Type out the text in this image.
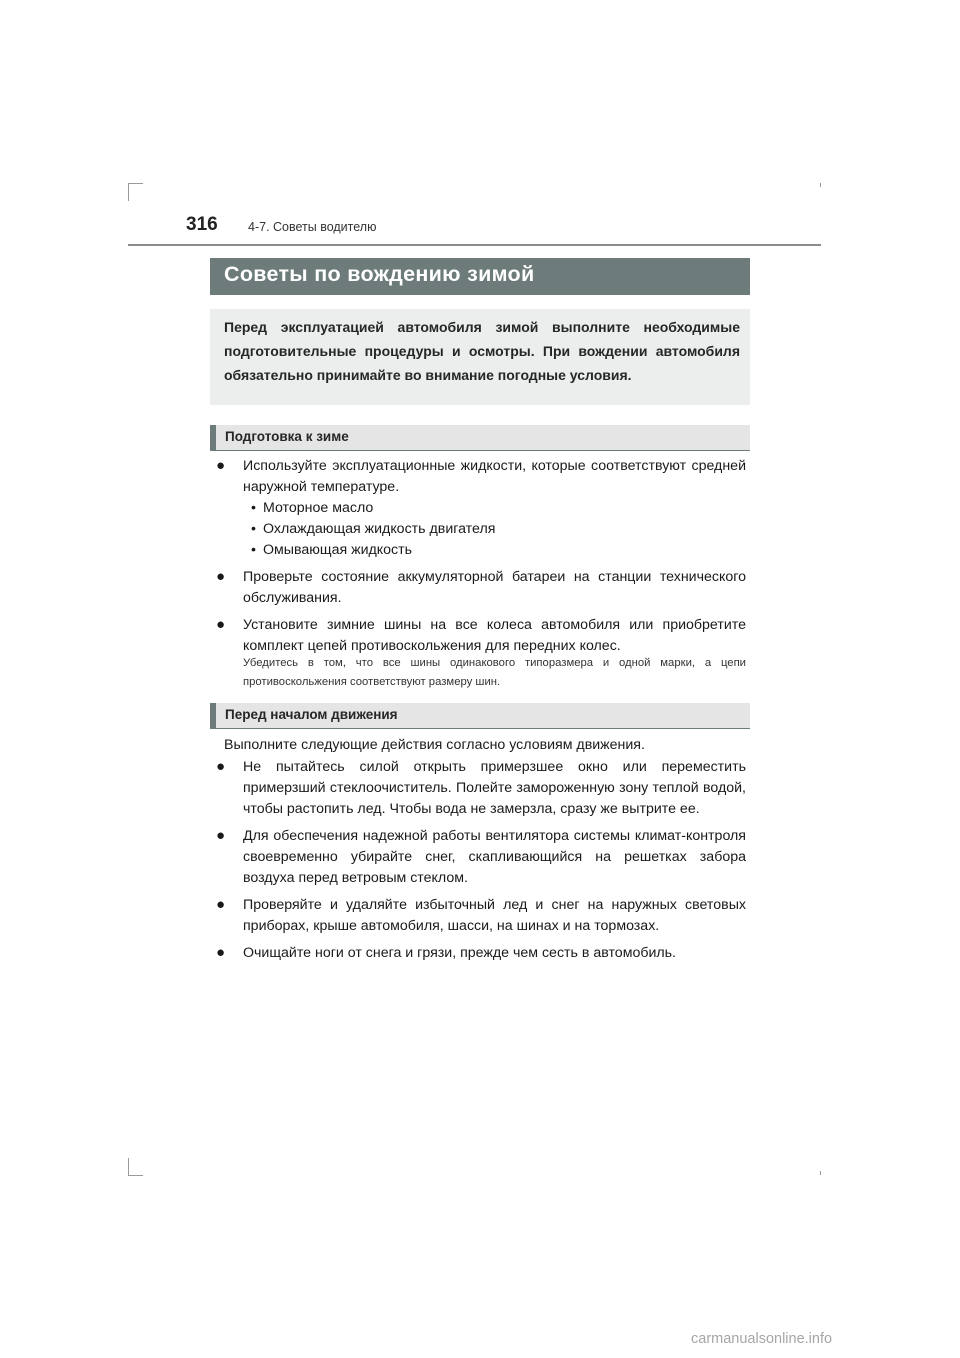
316 4-7. Советы водителю
Советы по вождению зимой
Перед эксплуатацией автомобиля зимой выполните необходимые подготовительные процедуры и осмотры. При вождении автомобиля обязательно принимайте во внимание погодные условия.
Подготовка к зиме
● Используйте эксплуатационные жидкости, которые соответствуют средней наружной температуре.
• Моторное масло
• Охлаждающая жидкость двигателя
• Омывающая жидкость
● Проверьте состояние аккумуляторной батареи на станции технического обслуживания.
● Установите зимние шины на все колеса автомобиля или приобретите комплект цепей противоскольжения для передних колес.
Убедитесь в том, что все шины одинакового типоразмера и одной марки, а цепи противоскольжения соответствуют размеру шин.
Перед началом движения
Выполните следующие действия согласно условиям движения.
● Не пытайтесь силой открыть примерзшее окно или переместить примерзший стеклоочиститель. Полейте замороженную зону теплой водой, чтобы растопить лед. Чтобы вода не замерзла, сразу же вытрите ее.
● Для обеспечения надежной работы вентилятора системы климат-контроля своевременно убирайте снег, скапливающийся на решетках забора воздуха перед ветровым стеклом.
● Проверяйте и удаляйте избыточный лед и снег на наружных световых приборах, крыше автомобиля, шасси, на шинах и на тормозах.
● Очищайте ноги от снега и грязи, прежде чем сесть в автомобиль.
carmanualsonline.info
